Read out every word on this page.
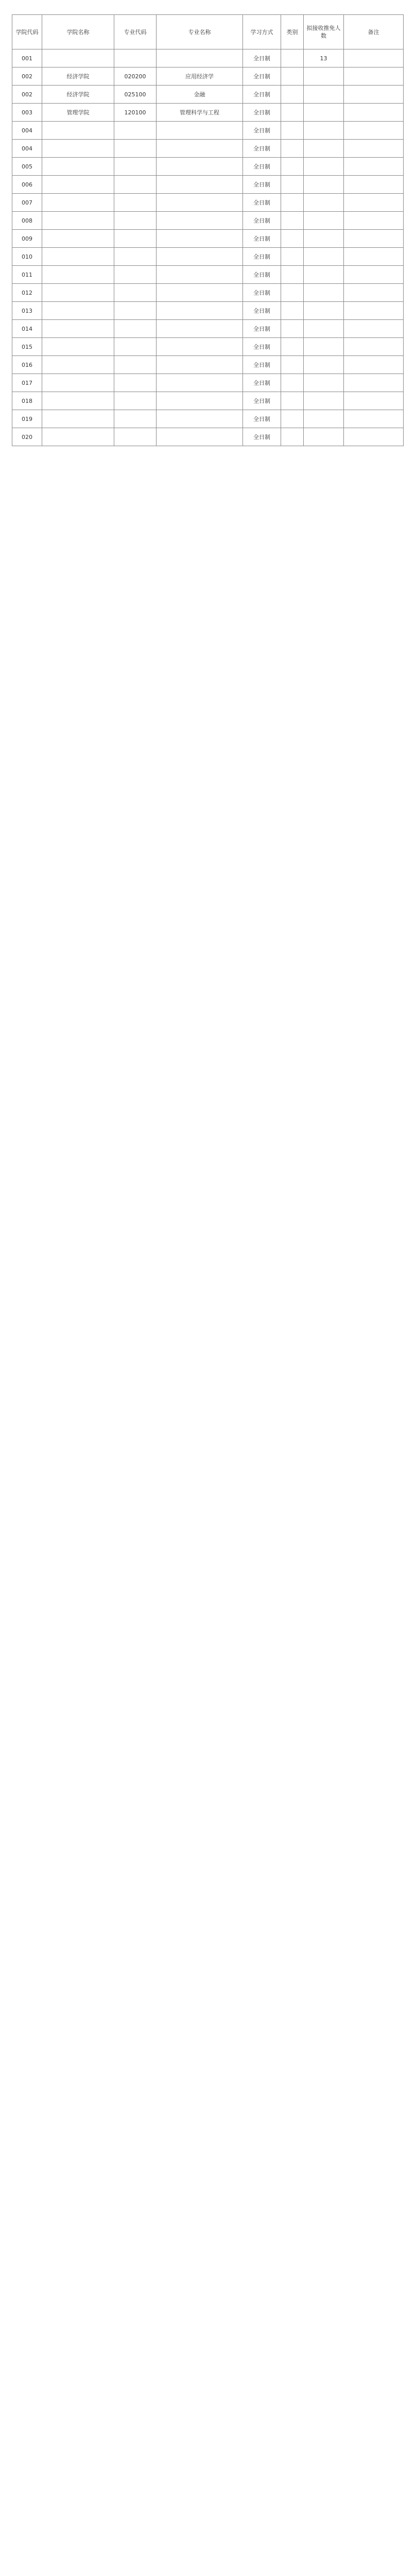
学院代码	学院名称	专业代码	专业名称	学习方式	类别	拟接收推免人数	备注
001				全日制		13	
002	经济学院	020200	应用经济学	全日制			
002	经济学院	025100	金融	全日制			
003	管理学院	120100	管理科学与工程	全日制			
004				全日制			
004				全日制			
005				全日制			
006				全日制			
007				全日制			
008				全日制			
009				全日制			
010				全日制			
011				全日制			
012				全日制			
013				全日制			
014				全日制			
015				全日制			
016				全日制			
017				全日制			
018				全日制			
019				全日制			
020				全日制			
